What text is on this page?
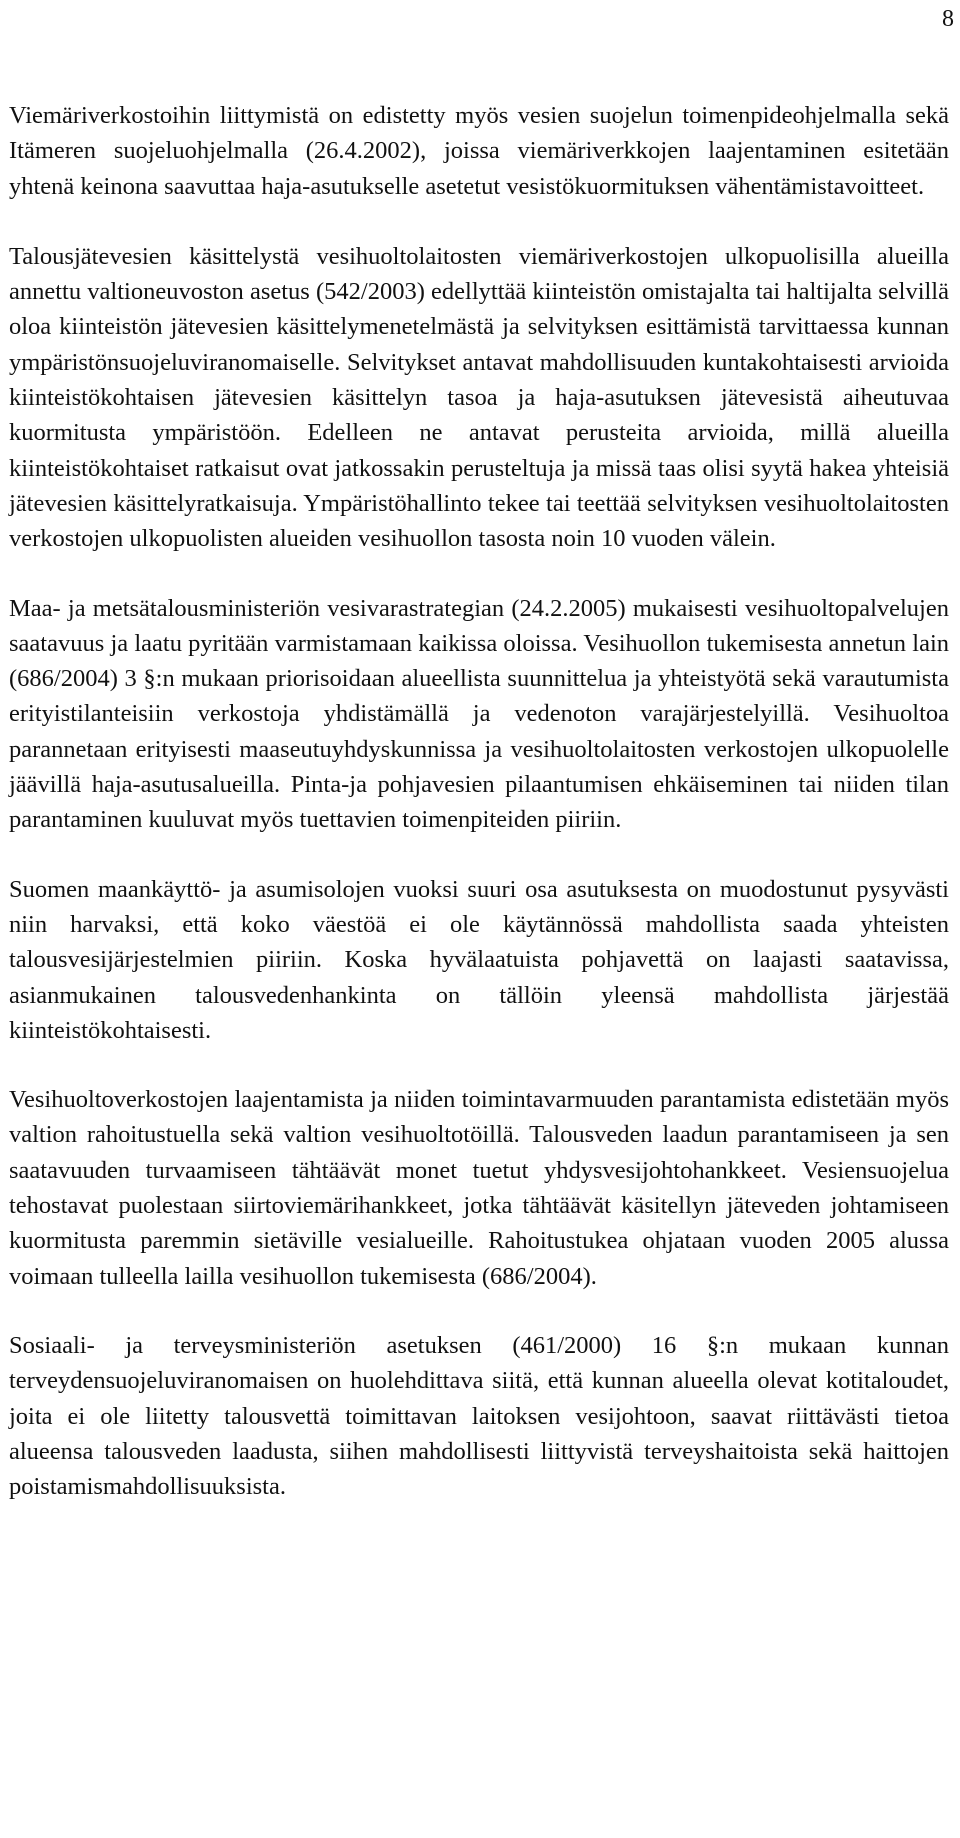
8

Viemäriverkostoihin liittymistä on edistetty myös vesien suojelun toimenpideohjelmalla sekä Itämeren suojeluohjelmalla (26.4.2002), joissa viemäriverkkojen laajentaminen esitetään yhtenä keinona saavuttaa haja-asutukselle asetetut vesistökuormituksen vähentämistavoitteet.

Talousjätevesien käsittelystä vesihuoltolaitosten viemäriverkostojen ulkopuolisilla alueilla annettu valtioneuvoston asetus (542/2003) edellyttää kiinteistön omistajalta tai haltijalta selvillä oloa kiinteistön jätevesien käsittelymenetelmästä ja selvityksen esittämistä tarvittaessa kunnan ympäristönsuojeluviranomaiselle. Selvitykset antavat mahdollisuuden kuntakohtaisesti arvioida kiinteistökohtaisen jätevesien käsittelyn tasoa ja haja-asutuksen jätevesistä aiheutuvaa kuormitusta ympäristöön. Edelleen ne antavat perusteita arvioida, millä alueilla kiinteistökohtaiset ratkaisut ovat jatkossakin perusteltuja ja missä taas olisi syytä hakea yhteisiä jätevesien käsittelyratkaisuja. Ympäristöhallinto tekee tai teettää selvityksen vesihuoltolaitosten verkostojen ulkopuolisten alueiden vesihuollon tasosta noin 10 vuoden välein.

Maa- ja metsätalousministeriön vesivarastrategian (24.2.2005) mukaisesti vesihuoltopalvelujen saatavuus ja laatu pyritään varmistamaan kaikissa oloissa. Vesihuollon tukemisesta annetun lain (686/2004) 3 §:n mukaan priorisoidaan alueellista suunnittelua ja yhteistyötä sekä varautumista erityistilanteisiin verkostoja yhdistämällä ja vedenoton varajärjestelyillä. Vesihuoltoa parannetaan erityisesti maaseutuyhdyskunnissa ja vesihuoltolaitosten verkostojen ulkopuolelle jäävillä haja-asutusalueilla. Pinta-ja pohjavesien pilaantumisen ehkäiseminen tai niiden tilan parantaminen kuuluvat myös tuettavien toimenpiteiden piiriin.

Suomen maankäyttö- ja asumisolojen vuoksi suuri osa asutuksesta on muodostunut pysyvästi niin harvaksi, että koko väestöä ei ole käytännössä mahdollista saada yhteisten talousvesijärjestelmien piiriin. Koska hyvälaatuista pohjavettä on laajasti saatavissa, asianmukainen talousvedenhankinta on tällöin yleensä mahdollista järjestää kiinteistökohtaisesti.

Vesihuoltoverkostojen laajentamista ja niiden toimintavarmuuden parantamista edistetään myös valtion rahoitustuella sekä valtion vesihuoltotöillä. Talousveden laadun parantamiseen ja sen saatavuuden turvaamiseen tähtäävät monet tuetut yhdysvesijohtohankkeet. Vesiensuojelua tehostavat puolestaan siirtoviemärihankkeet, jotka tähtäävät käsitellyn jäteveden johtamiseen kuormitusta paremmin sietäville vesialueille. Rahoitustukea ohjataan vuoden 2005 alussa voimaan tulleella lailla vesihuollon tukemisesta (686/2004).

Sosiaali- ja terveysministeriön asetuksen (461/2000) 16 §:n mukaan kunnan terveydensuojeluviranomaisen on huolehdittava siitä, että kunnan alueella olevat kotitaloudet, joita ei ole liitetty talousvettä toimittavan laitoksen vesijohtoon, saavat riittävästi tietoa alueensa talousveden laadusta, siihen mahdollisesti liittyvistä terveyshaitoista sekä haittojen poistamismahdollisuuksista.
